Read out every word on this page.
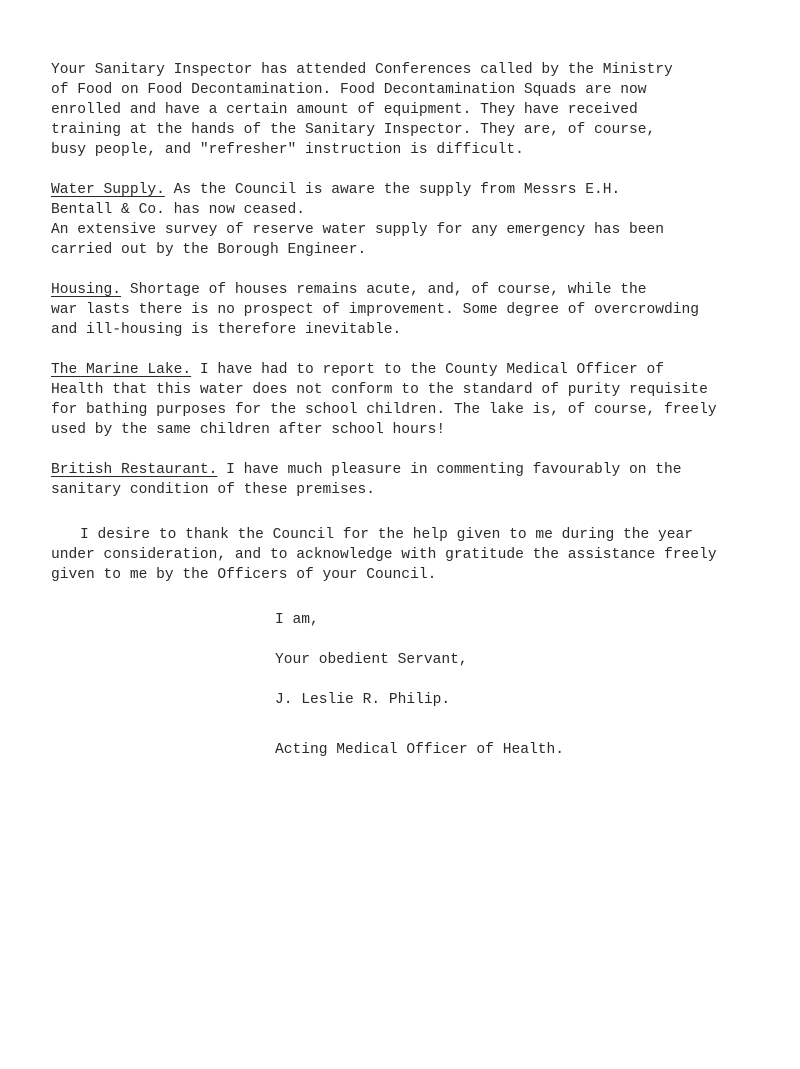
Your Sanitary Inspector has attended Conferences called by the Ministry
of Food on Food Decontamination. Food Decontamination Squads are now
enrolled and have a certain amount of equipment. They have received
training at the hands of the Sanitary Inspector. They are, of course,
busy people, and "refresher" instruction is difficult.
Water Supply. As the Council is aware the supply from Messrs E.H.
Bentall & Co. has now ceased.
An extensive survey of reserve water supply for any emergency has been
carried out by the Borough Engineer.
Housing. Shortage of houses remains acute, and, of course, while the
war lasts there is no prospect of improvement. Some degree of overcrowding
and ill-housing is therefore inevitable.
The Marine Lake. I have had to report to the County Medical Officer of
Health that this water does not conform to the standard of purity requisite
for bathing purposes for the school children. The lake is, of course, freely
used by the same children after school hours!
British Restaurant. I have much pleasure in commenting favourably on the
sanitary condition of these premises.
I desire to thank the Council for the help given to me during the year
under consideration, and to acknowledge with gratitude the assistance freely
given to me by the Officers of your Council.
I am,
Your obedient Servant,
J. Leslie R. Philip.
Acting Medical Officer of Health.
